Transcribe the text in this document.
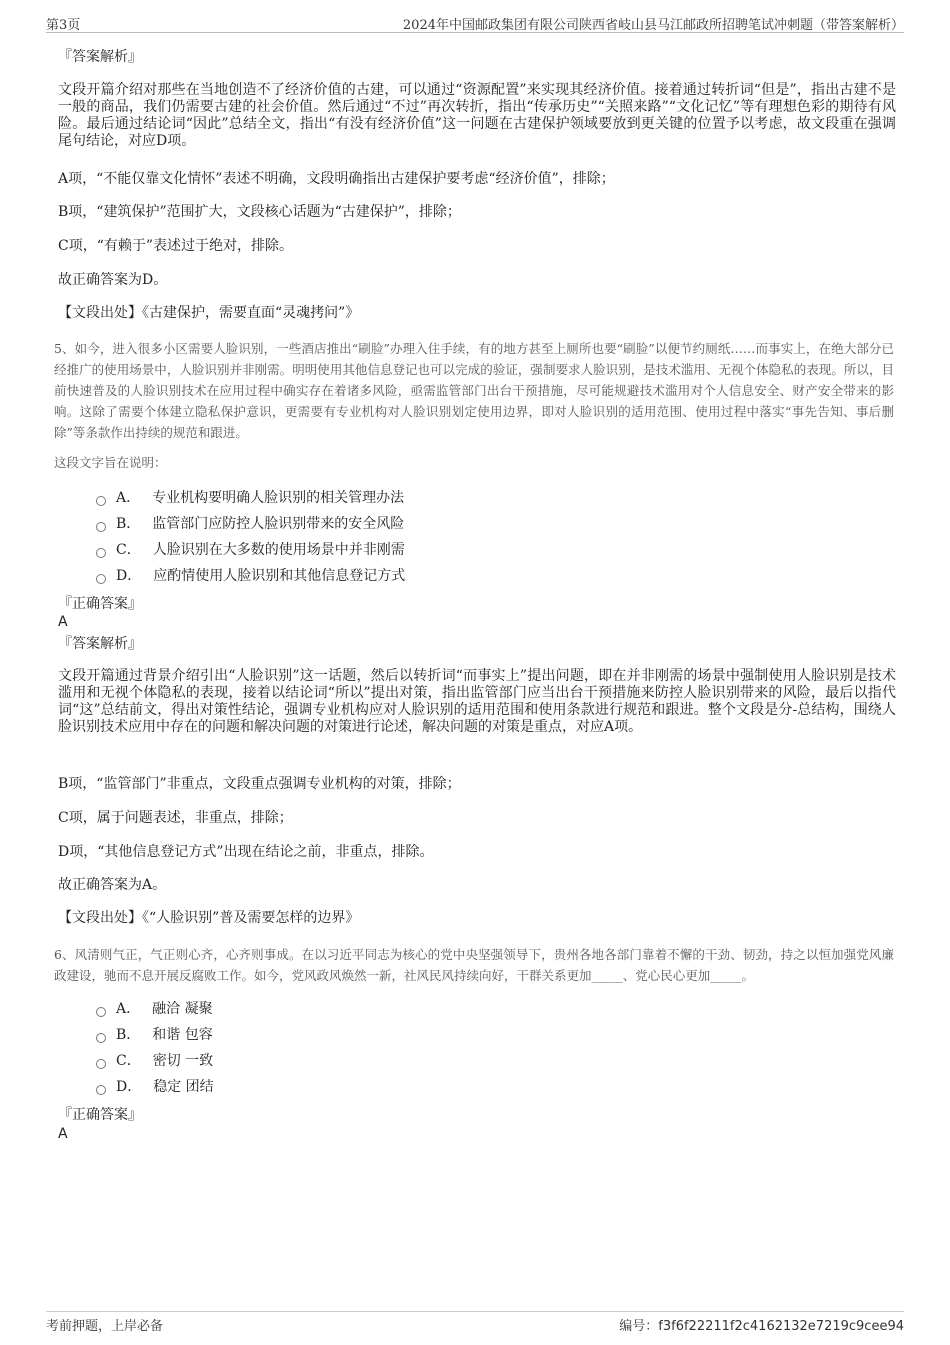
第3页	2024年中国邮政集团有限公司陕西省岐山县马江邮政所招聘笔试冲刺题（带答案解析）
『答案解析』
文段开篇介绍对那些在当地创造不了经济价值的古建，可以通过“资源配置”来实现其经济价值。接着通过转折词“但是”，指出古建不是一般的商品，我们仍需要古建的社会价值。然后通过“不过”再次转折，指出“传承历史”“关照来路”“文化记忆”等有理想色彩的期待有风险。最后通过结论词“因此”总结全文，指出“有没有经济价值”这一问题在古建保护领域要放到更关键的位置予以考虑，故文段重在强调尾句结论，对应D项。
A项，“不能仅靠文化情怀”表述不明确，文段明确指出古建保护要考虑“经济价值”，排除；
B项，“建筑保护”范围扩大，文段核心话题为“古建保护”，排除；
C项，“有赖于”表述过于绝对，排除。
故正确答案为D。
【文段出处】《古建保护，需要直面“灵魂拷问”》
5、如今，进入很多小区需要人脸识别，一些酒店推出“刷脸”办理入住手续，有的地方甚至上厕所也要“刷脸”以便节约厕纸……而事实上，在绝大部分已经推广的使用场景中，人脸识别并非刚需。明明使用其他信息登记也可以完成的验证，强制要求人脸识别，是技术滥用、无视个体隐私的表现。所以，目前快速普及的人脸识别技术在应用过程中确实存在着诸多风险，亟需监管部门出台干预措施，尽可能规避技术滥用对个人信息安全、财产安全带来的影响。这除了需要个体建立隐私保护意识，更需要有专业机构对人脸识别划定使用边界，即对人脸识别的适用范围、使用过程中落实“事先告知、事后删除”等条款作出持续的规范和跟进。
这段文字旨在说明：
A． 专业机构要明确人脸识别的相关管理办法
B． 监管部门应防控人脸识别带来的安全风险
C． 人脸识别在大多数的使用场景中并非刚需
D． 应酌情使用人脸识别和其他信息登记方式
『正确答案』
A
『答案解析』
文段开篇通过背景介绍引出“人脸识别”这一话题，然后以转折词“而事实上”提出问题，即在并非刚需的场景中强制使用人脸识别是技术滥用和无视个体隐私的表现，接着以结论词“所以”提出对策，指出监管部门应当出台干预措施来防控人脸识别带来的风险，最后以指代词“这”总结前文，得出对策性结论，强调专业机构应对人脸识别的适用范围和使用条款进行规范和跟进。整个文段是分-总结构，围绕人脸识别技术应用中存在的问题和解决问题的对策进行论述，解决问题的对策是重点，对应A项。
B项，“监管部门”非重点，文段重点强调专业机构的对策，排除；
C项，属于问题表述，非重点，排除；
D项，“其他信息登记方式”出现在结论之前，非重点，排除。
故正确答案为A。
【文段出处】《“人脸识别”普及需要怎样的边界》
6、风清则气正，气正则心齐，心齐则事成。在以习近平同志为核心的党中央坚强领导下，贵州各地各部门靠着不懈的干劲、韧劲，持之以恒加强党风廉政建设，驰而不息开展反腐败工作。如今，党风政风焕然一新，社风民风持续向好，干群关系更加_____、党心民心更加_____。
A． 融洽 凝聚
B． 和谐 包容
C． 密切 一致
D． 稳定 团结
『正确答案』
A
考前押题，上岸必备	编号：f3f6f22211f2c4162132e7219c9cee94
